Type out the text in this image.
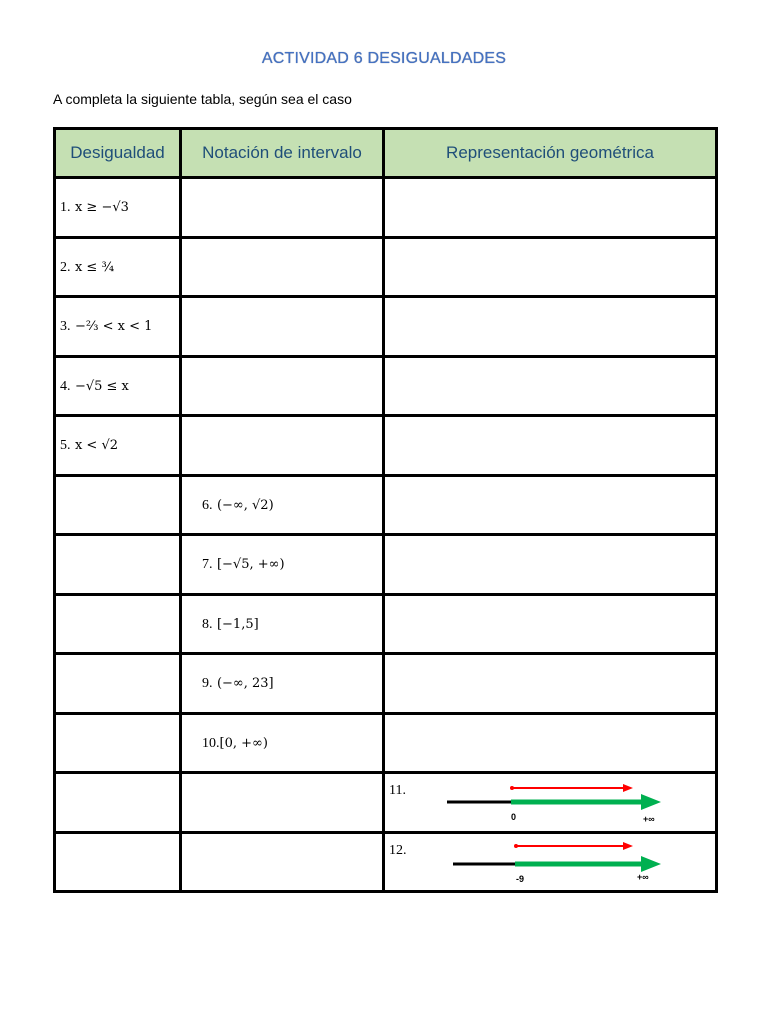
ACTIVIDAD 6 DESIGUALDADES
A completa la siguiente tabla, según sea el caso
Desigualdad	Notación de intervalo	Representación geométrica
1. x ≥ −√3		
2. x ≤ ¾		
3. −⅔ < x < 1		
4. −√5 ≤ x		
5. x < √2		
	6. (−∞, √2)	
	7. [−√5, +∞)	
	8. [−1,5]	
	9. (−∞, 23]	
	10.[0, +∞)	

		11.
0 +∞

		12.
-9 +∞
